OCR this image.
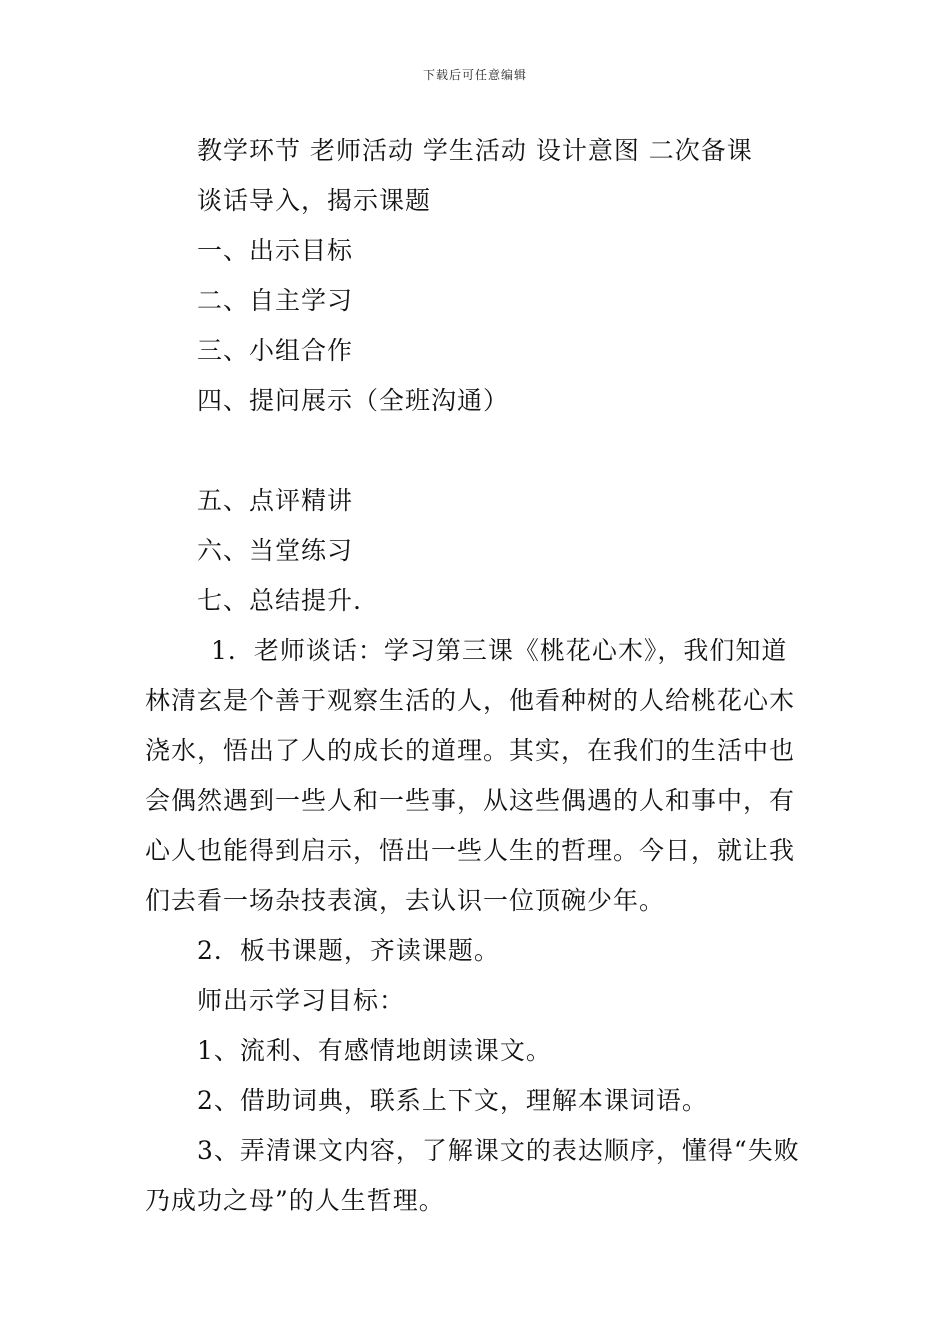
下载后可任意编辑
教学环节 老师活动 学生活动 设计意图 二次备课
谈话导入，揭示课题
一、出示目标
二、自主学习
三、小组合作
四、提问展示（全班沟通）
五、点评精讲
六、当堂练习
七、总结提升.
1．老师谈话：学习第三课《桃花心木》，我们知道
林清玄是个善于观察生活的人，他看种树的人给桃花心木
浇水，悟出了人的成长的道理。其实，在我们的生活中也
会偶然遇到一些人和一些事，从这些偶遇的人和事中，有
心人也能得到启示，悟出一些人生的哲理。今日，就让我
们去看一场杂技表演，去认识一位顶碗少年。
2．板书课题，齐读课题。
师出示学习目标：
1、流利、有感情地朗读课文。
2、借助词典，联系上下文，理解本课词语。
3、弄清课文内容，了解课文的表达顺序，懂得“失败
乃成功之母”的人生哲理。
